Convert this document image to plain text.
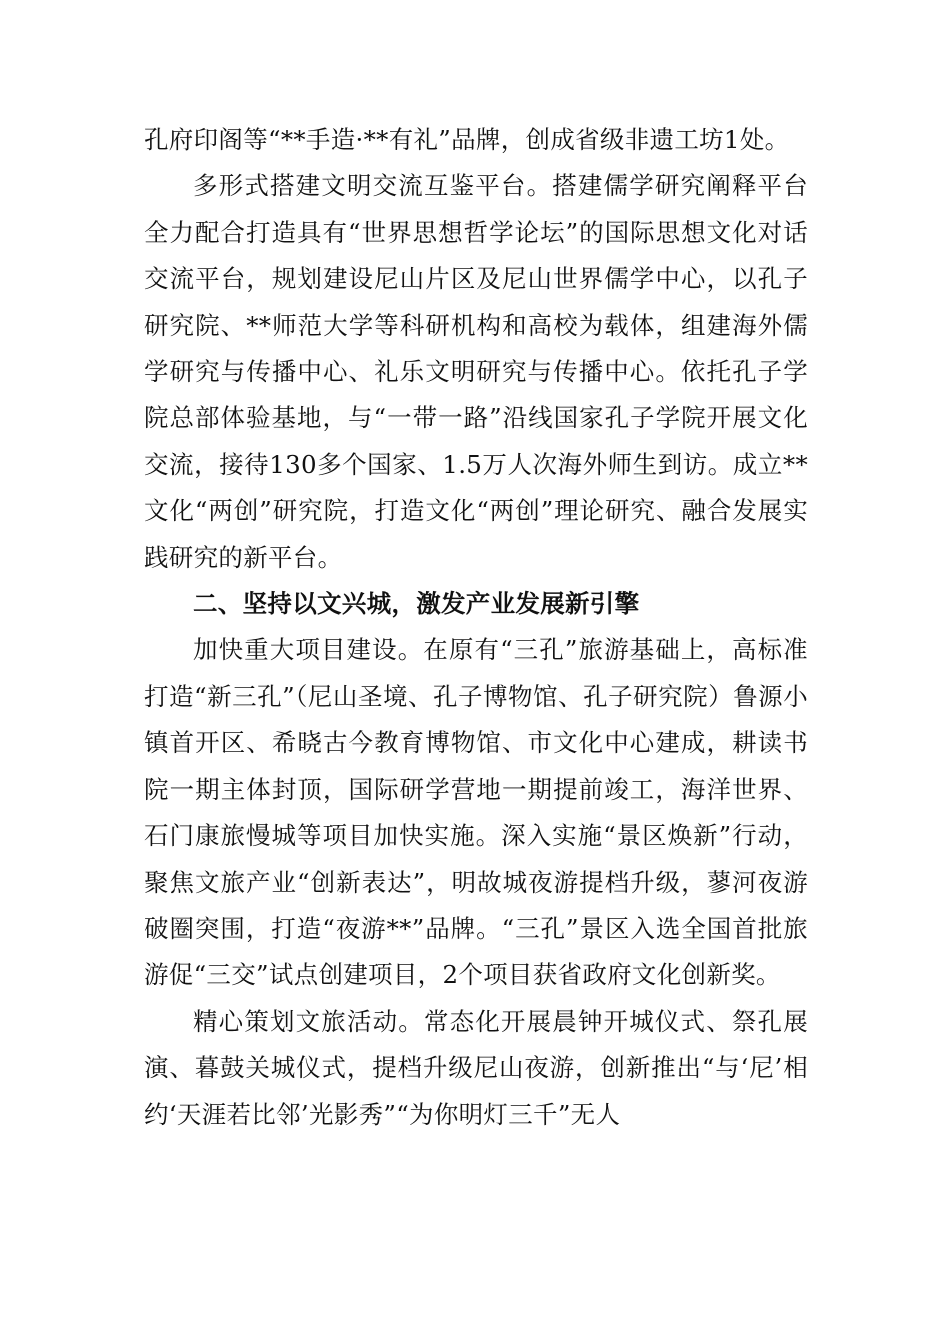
孔府印阁等“**手造·**有礼”品牌，创成省级非遗工坊1处。

多形式搭建文明交流互鉴平台。搭建儒学研究阐释平台全力配合打造具有“世界思想哲学论坛”的国际思想文化对话交流平台，规划建设尼山片区及尼山世界儒学中心，以孔子研究院、**师范大学等科研机构和高校为载体，组建海外儒学研究与传播中心、礼乐文明研究与传播中心。依托孔子学院总部体验基地，与“一带一路”沿线国家孔子学院开展文化交流，接待130多个国家、1.5万人次海外师生到访。成立**文化“两创”研究院，打造文化“两创”理论研究、融合发展实践研究的新平台。

二、坚持以文兴城，激发产业发展新引擎

加快重大项目建设。在原有“三孔”旅游基础上，高标准打造“新三孔”（尼山圣境、孔子博物馆、孔子研究院）鲁源小镇首开区、希晓古今教育博物馆、市文化中心建成，耕读书院一期主体封顶，国际研学营地一期提前竣工，海洋世界、石门康旅慢城等项目加快实施。深入实施“景区焕新”行动，聚焦文旅产业“创新表达”，明故城夜游提档升级，蓼河夜游破圈突围，打造“夜游**”品牌。“三孔”景区入选全国首批旅游促“三交”试点创建项目，2个项目获省政府文化创新奖。

精心策划文旅活动。常态化开展晨钟开城仪式、祭孔展演、暮鼓关城仪式，提档升级尼山夜游，创新推出“与‘尼’相约‘天涯若比邻’光影秀”“为你明灯三千”无人
